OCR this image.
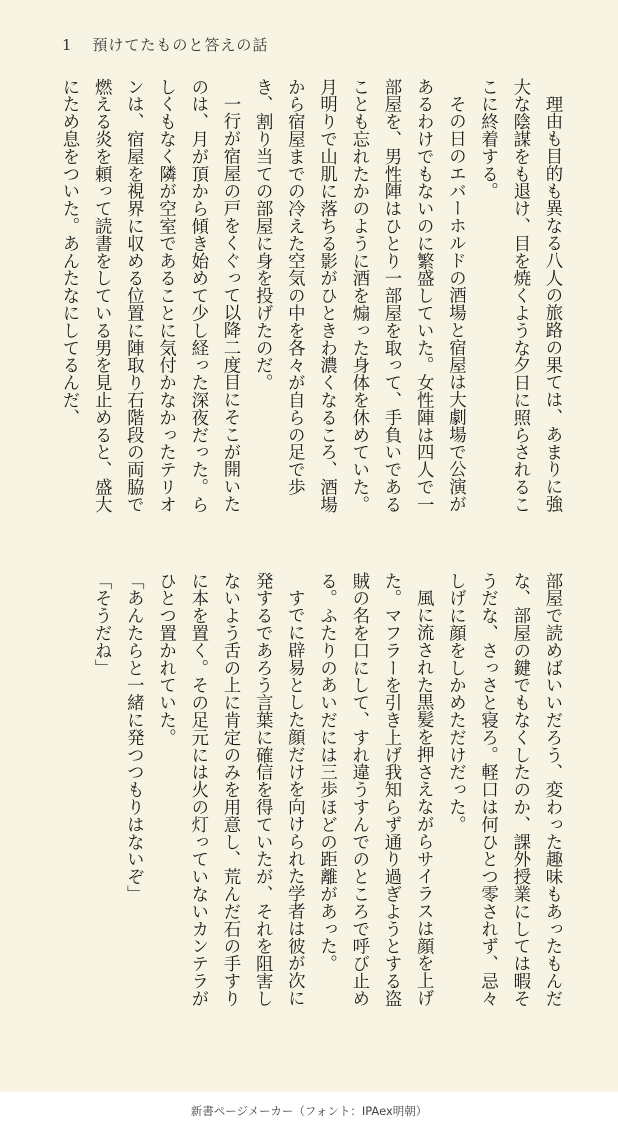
1 預けてたものと答えの話

理由も目的も異なる八人の旅路の果ては、あまりに強大な陰謀をも退け、目を焼くような夕日に照らされるここに終着する。

その日のエバーホルドの酒場と宿屋は大劇場で公演があるわけでもないのに繁盛していた。女性陣は四人で一部屋を、男性陣はひとり一部屋を取って、手負いであることも忘れたかのように酒を煽った身体を休めていた。月明りで山肌に落ちる影がひときわ濃くなるころ、酒場から宿屋までの冷えた空気の中を各々が自らの足で歩き、割り当ての部屋に身を投げたのだ。

一行が宿屋の戸をくぐって以降二度目にそこが開いたのは、月が頂から傾き始めて少し経った深夜だった。らしくもなく隣が空室であることに気付かなかったテリオンは、宿屋を視界に収める位置に陣取り石階段の両脇で燃える炎を頼って読書をしている男を見止めると、盛大にため息をついた。あんたなにしてるんだ、

部屋で読めばいいだろう、変わった趣味もあったもんだな、部屋の鍵でもなくしたのか、課外授業にしては暇そうだな、さっさと寝ろ。軽口は何ひとつ零されず、忌々しげに顔をしかめただけだった。

風に流された黒髪を押さえながらサイラスは顔を上げた。マフラーを引き上げ我知らず通り過ぎようとする盗賊の名を口にして、すれ違うすんでのところで呼び止める。ふたりのあいだには三歩ほどの距離があった。

すでに辟易とした顔だけを向けられた学者は彼が次に発するであろう言葉に確信を得ていたが、それを阻害しないよう舌の上に肯定のみを用意し、荒んだ石の手すりに本を置く。その足元には火の灯っていないカンテラがひとつ置かれていた。

「あんたらと一緒に発つつもりはないぞ」

「そうだね」

新書ページメーカー（フォント：IPAex明朝）
